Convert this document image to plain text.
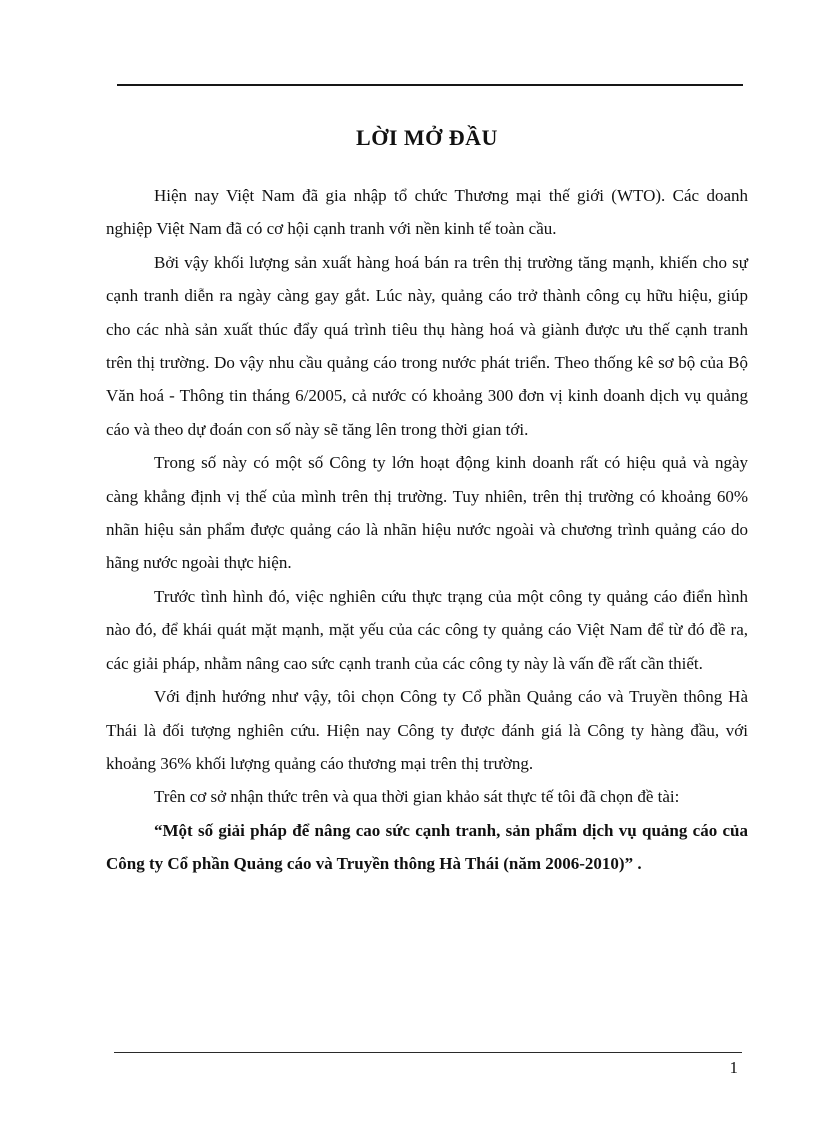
LỜI MỞ ĐẦU

Hiện nay Việt Nam đã gia nhập tổ chức Thương mại thế giới (WTO). Các doanh nghiệp Việt Nam đã có cơ hội cạnh tranh với nền kinh tế toàn cầu.

Bởi vậy khối lượng sản xuất hàng hoá bán ra trên thị trường tăng mạnh, khiến cho sự cạnh tranh diễn ra ngày càng gay gắt. Lúc này, quảng cáo trở thành công cụ hữu hiệu, giúp cho các nhà sản xuất thúc đẩy quá trình tiêu thụ hàng hoá và giành được ưu thế cạnh tranh trên thị trường. Do vậy nhu cầu quảng cáo trong nước phát triển. Theo thống kê sơ bộ của Bộ Văn hoá - Thông tin tháng 6/2005, cả nước có khoảng 300 đơn vị kinh doanh dịch vụ quảng cáo và theo dự đoán con số này sẽ tăng lên trong thời gian tới.

Trong số này có một số Công ty lớn hoạt động kinh doanh rất có hiệu quả và ngày càng khẳng định vị thế của mình trên thị trường. Tuy nhiên, trên thị trường có khoảng 60% nhãn hiệu sản phẩm được quảng cáo là nhãn hiệu nước ngoài và chương trình quảng cáo do hãng nước ngoài thực hiện.

Trước tình hình đó, việc nghiên cứu thực trạng của một công ty quảng cáo điển hình nào đó, để khái quát mặt mạnh, mặt yếu của các công ty quảng cáo Việt Nam để từ đó đề ra, các giải pháp, nhằm nâng cao sức cạnh tranh của các công ty này là vấn đề rất cần thiết.

Với định hướng như vậy, tôi chọn Công ty Cổ phần Quảng cáo và Truyền thông Hà Thái là đối tượng nghiên cứu. Hiện nay Công ty được đánh giá là Công ty hàng đầu, với khoảng 36% khối lượng quảng cáo thương mại trên thị trường.

Trên cơ sở nhận thức trên và qua thời gian khảo sát thực tế tôi đã chọn đề tài:

“Một số giải pháp để nâng cao sức cạnh tranh, sản phẩm dịch vụ quảng cáo của Công ty Cổ phần Quảng cáo và Truyền thông Hà Thái (năm 2006-2010)” .

1
